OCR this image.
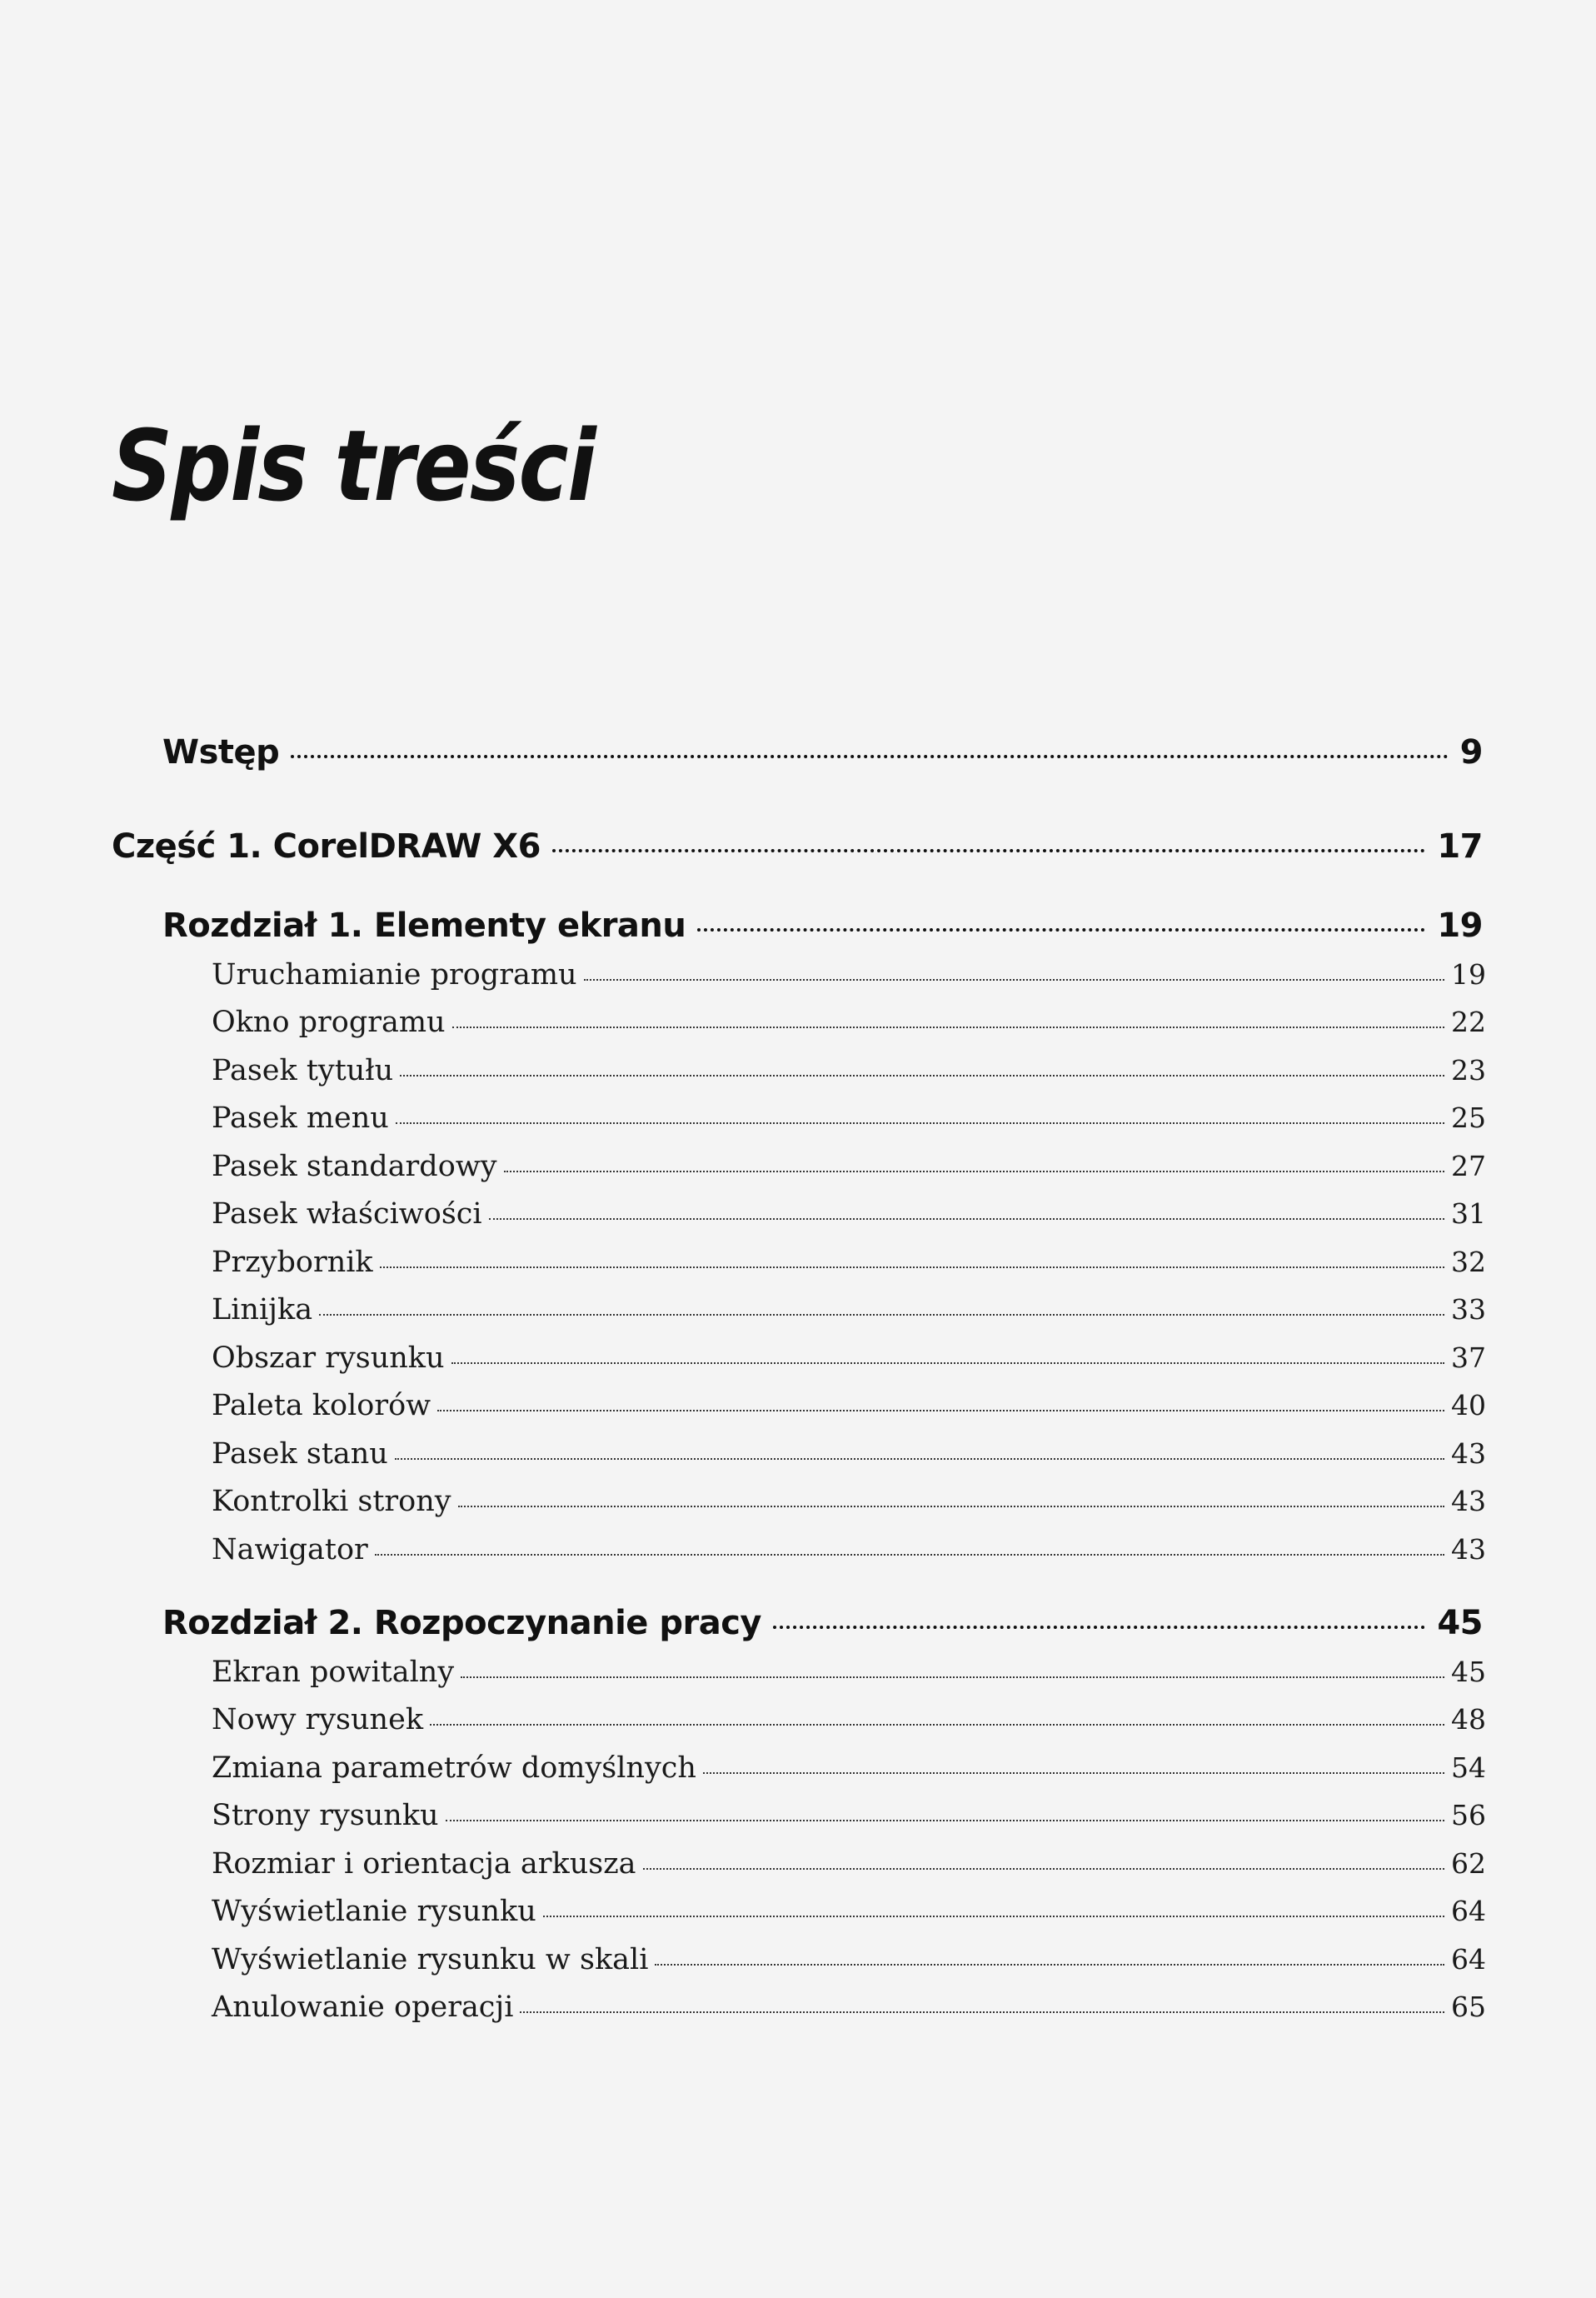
Spis treści
Wstęp	9
Część 1. CorelDRAW X6	17
Rozdział 1. Elementy ekranu	19
Uruchamianie programu	19
Okno programu	22
Pasek tytułu	23
Pasek menu	25
Pasek standardowy	27
Pasek właściwości	31
Przybornik	32
Linijka	33
Obszar rysunku	37
Paleta kolorów	40
Pasek stanu	43
Kontrolki strony	43
Nawigator	43
Rozdział 2. Rozpoczynanie pracy	45
Ekran powitalny	45
Nowy rysunek	48
Zmiana parametrów domyślnych	54
Strony rysunku	56
Rozmiar i orientacja arkusza	62
Wyświetlanie rysunku	64
Wyświetlanie rysunku w skali	64
Anulowanie operacji	65
